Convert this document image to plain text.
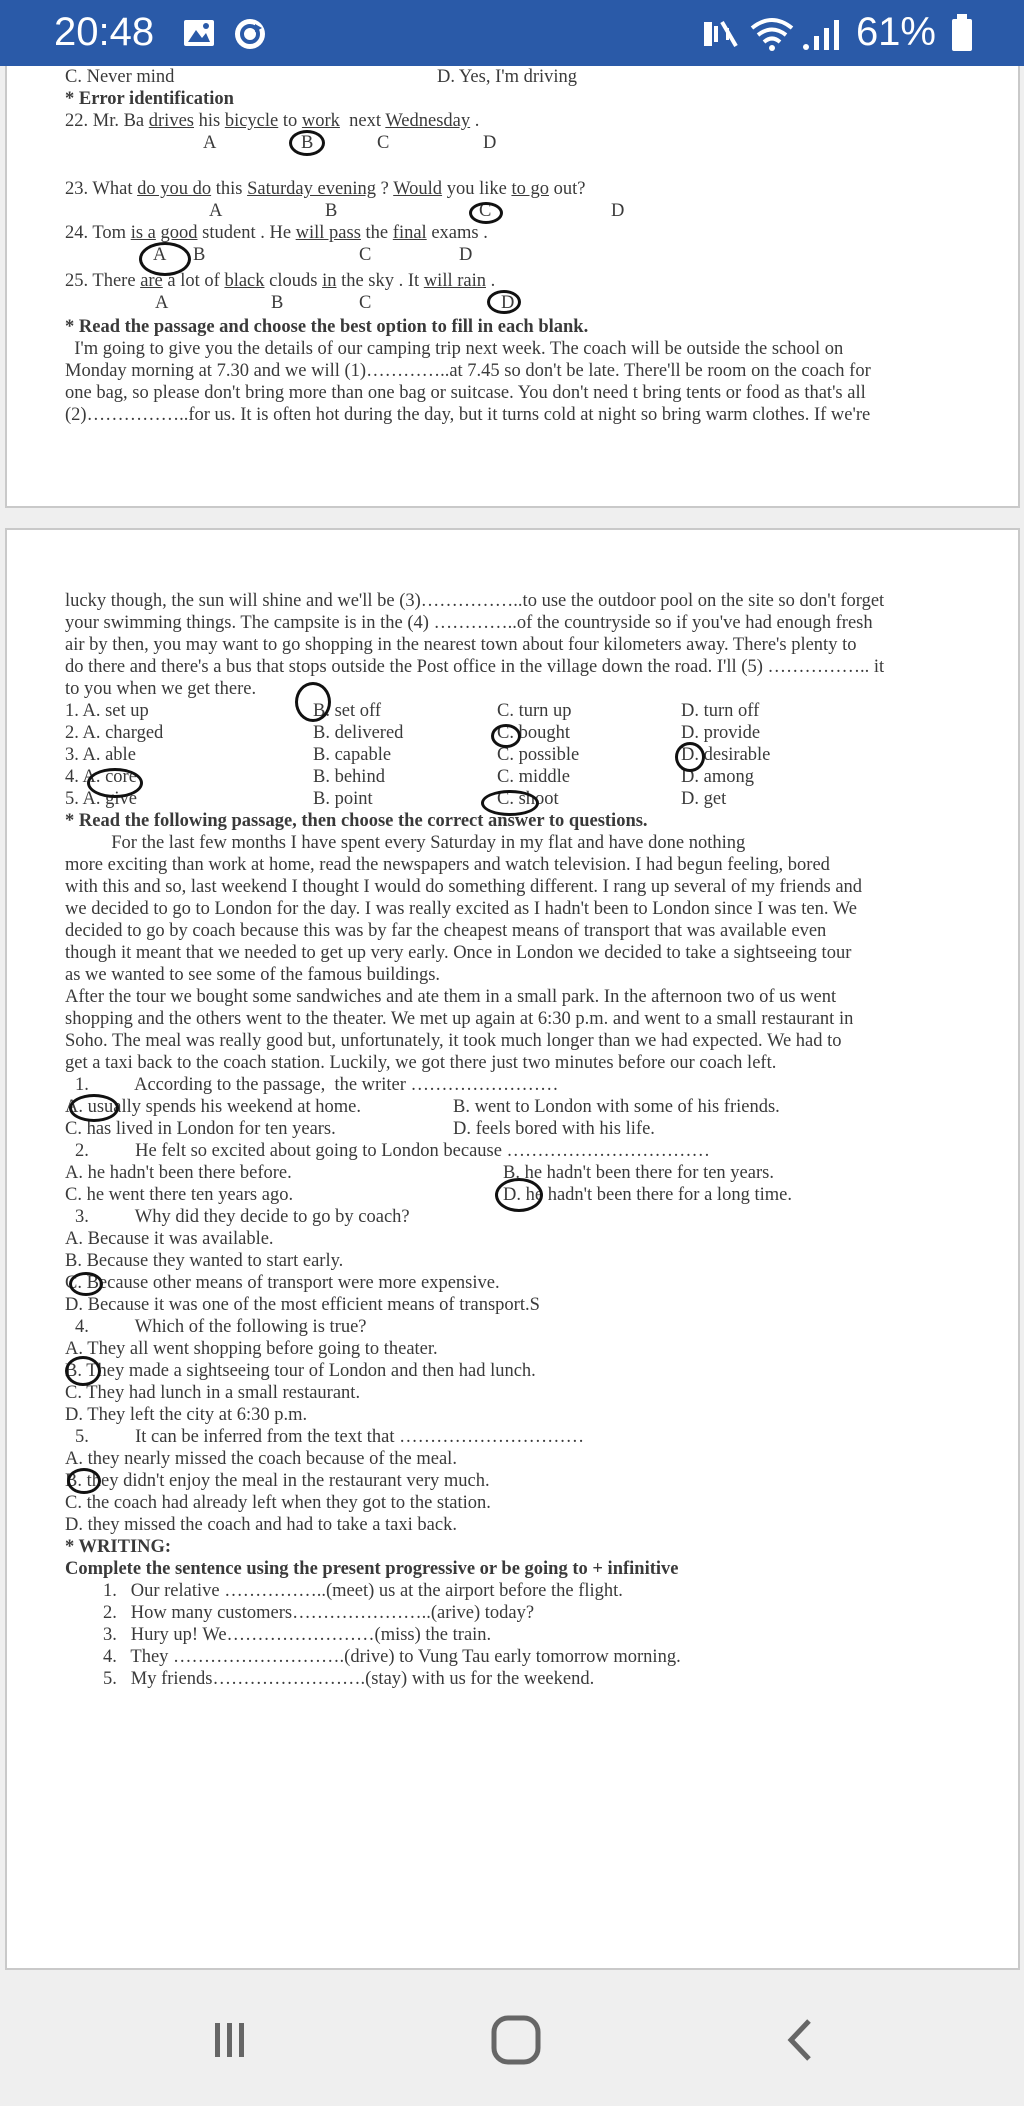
20:48	61%
C. Never mind	D. Yes, I'm driving
* Error identification
22. Mr. Ba drives his bicycle to work  next Wednesday .
A	B	C	D
23. What do you do this Saturday evening ? Would you like to go out?
A	B	C	D
24. Tom is a good student . He will pass the final exams .
A B	C	D
25. There are a lot of black clouds in the sky . It will rain .
A	B	C	D
* Read the passage and choose the best option to fill in each blank.
I'm going to give you the details of our camping trip next week. The coach will be outside the school on
Monday morning at 7.30 and we will (1)…………..at 7.45 so don't be late. There'll be room on the coach for
one bag, so please don't bring more than one bag or suitcase. You don't need t bring tents or food as that's all
(2)……………..for us. It is often hot during the day, but it turns cold at night so bring warm clothes. If we're
lucky though, the sun will shine and we'll be (3)……………..to use the outdoor pool on the site so don't forget
your swimming things. The campsite is in the (4) …………..of the countryside so if you've had enough fresh
air by then, you may want to go shopping in the nearest town about four kilometers away. There's plenty to
do there and there's a bus that stops outside the Post office in the village down the road. I'll (5) …………….. it
to you when we get there.
1. A. set up	B. set off	C. turn up	D. turn off
2. A. charged	B. delivered	C. bought	D. provide
3. A. able	B. capable	C. possible	D. desirable
4. A. core	B. behind	C. middle	D. among
5. A. give	B. point	C. shoot	D. get
* Read the following passage, then choose the correct answer to questions.
For the last few months I have spent every Saturday in my flat and have done nothing
more exciting than work at home, read the newspapers and watch television. I had begun feeling, bored
with this and so, last weekend I thought I would do something different. I rang up several of my friends and
we decided to go to London for the day. I was really excited as I hadn't been to London since I was ten. We
decided to go by coach because this was by far the cheapest means of transport that was available even
though it meant that we needed to get up very early. Once in London we decided to take a sightseeing tour
as we wanted to see some of the famous buildings.
After the tour we bought some sandwiches and ate them in a small park. In the afternoon two of us went
shopping and the others went to the theater. We met up again at 6:30 p.m. and went to a small restaurant in
Soho. The meal was really good but, unfortunately, it took much longer than we had expected. We had to
get a taxi back to the coach station. Luckily, we got there just two minutes before our coach left.
1.          According to the passage,  the writer ……………………
A. usually spends his weekend at home.	B. went to London with some of his friends.
C. has lived in London for ten years.	D. feels bored with his life.
2.          He felt so excited about going to London because ……………………………
A. he hadn't been there before.	B. he hadn't been there for ten years.
C. he went there ten years ago.	D. he hadn't been there for a long time.
3.          Why did they decide to go by coach?
A. Because it was available.
B. Because they wanted to start early.
C. Because other means of transport were more expensive.
D. Because it was one of the most efficient means of transport.S
4.          Which of the following is true?
A. They all went shopping before going to theater.
B. They made a sightseeing tour of London and then had lunch.
C. They had lunch in a small restaurant.
D. They left the city at 6:30 p.m.
5.          It can be inferred from the text that …………………………
A. they nearly missed the coach because of the meal.
B. they didn't enjoy the meal in the restaurant very much.
C. the coach had already left when they got to the station.
D. they missed the coach and had to take a taxi back.
* WRITING:
Complete the sentence using the present progressive or be going to + infinitive
1.   Our relative ……………..(meet) us at the airport before the flight.
2.   How many customers…………………..(arive) today?
3.   Hury up! We……………………(miss) the train.
4.   They ……………………….(drive) to Vung Tau early tomorrow morning.
5.   My friends…………………….(stay) with us for the weekend.
